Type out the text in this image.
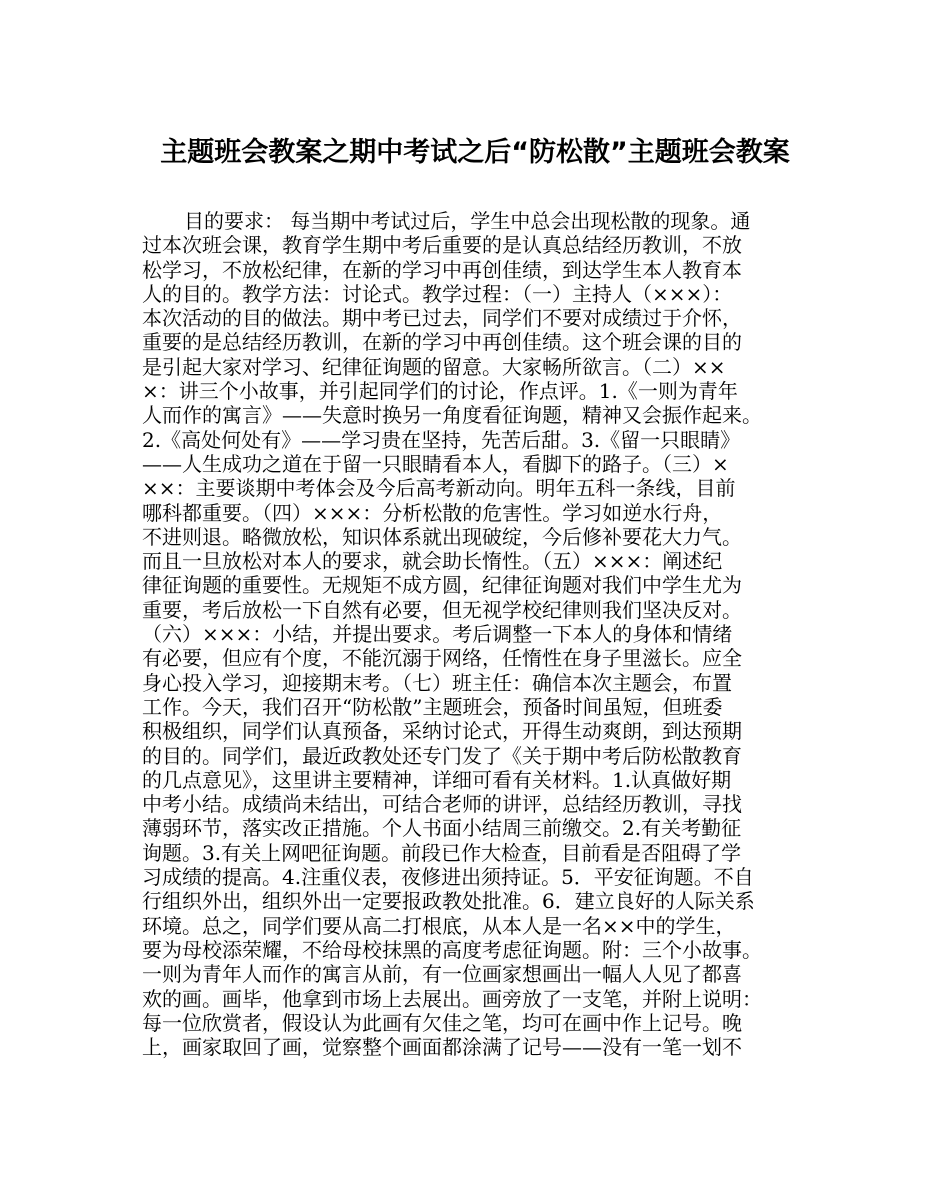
主题班会教案之期中考试之后“防松散”主题班会教案
目的要求： 每当期中考试过后，学生中总会出现松散的现象。通
过本次班会课，教育学生期中考后重要的是认真总结经历教训，不放
松学习，不放松纪律，在新的学习中再创佳绩，到达学生本人教育本
人的目的。教学方法：讨论式。教学过程：（一）主持人（×××）：
本次活动的目的做法。期中考已过去，同学们不要对成绩过于介怀，
重要的是总结经历教训，在新的学习中再创佳绩。这个班会课的目的
是引起大家对学习、纪律征询题的留意。大家畅所欲言。（二）××
×：讲三个小故事，并引起同学们的讨论，作点评。1.《一则为青年
人而作的寓言》——失意时换另一角度看征询题，精神又会振作起来。
2.《高处何处有》——学习贵在坚持，先苦后甜。3.《留一只眼睛》
——人生成功之道在于留一只眼睛看本人，看脚下的路子。（三）×
××：主要谈期中考体会及今后高考新动向。明年五科一条线，目前
哪科都重要。（四）×××：分析松散的危害性。学习如逆水行舟，
不进则退。略微放松，知识体系就出现破绽，今后修补要花大力气。
而且一旦放松对本人的要求，就会助长惰性。（五）×××：阐述纪
律征询题的重要性。无规矩不成方圆，纪律征询题对我们中学生尤为
重要，考后放松一下自然有必要，但无视学校纪律则我们坚决反对。
（六）×××：小结，并提出要求。考后调整一下本人的身体和情绪
有必要，但应有个度，不能沉溺于网络，任惰性在身子里滋长。应全
身心投入学习，迎接期末考。（七）班主任：确信本次主题会，布置
工作。今天，我们召开“防松散”主题班会，预备时间虽短，但班委
积极组织，同学们认真预备，采纳讨论式，开得生动爽朗，到达预期
的目的。同学们，最近政教处还专门发了《关于期中考后防松散教育
的几点意见》，这里讲主要精神，详细可看有关材料。1.认真做好期
中考小结。成绩尚未结出，可结合老师的讲评，总结经历教训，寻找
薄弱环节，落实改正措施。个人书面小结周三前缴交。2.有关考勤征
询题。3.有关上网吧征询题。前段已作大检查，目前看是否阻碍了学
习成绩的提高。4.注重仪表，夜修进出须持证。5．平安征询题。不自
行组织外出，组织外出一定要报政教处批准。6．建立良好的人际关系
环境。总之，同学们要从高二打根底，从本人是一名××中的学生，
要为母校添荣耀，不给母校抹黑的高度考虑征询题。附：三个小故事。
一则为青年人而作的寓言从前，有一位画家想画出一幅人人见了都喜
欢的画。画毕，他拿到市场上去展出。画旁放了一支笔，并附上说明：
每一位欣赏者，假设认为此画有欠佳之笔，均可在画中作上记号。晚
上，画家取回了画，觉察整个画面都涂满了记号——没有一笔一划不
